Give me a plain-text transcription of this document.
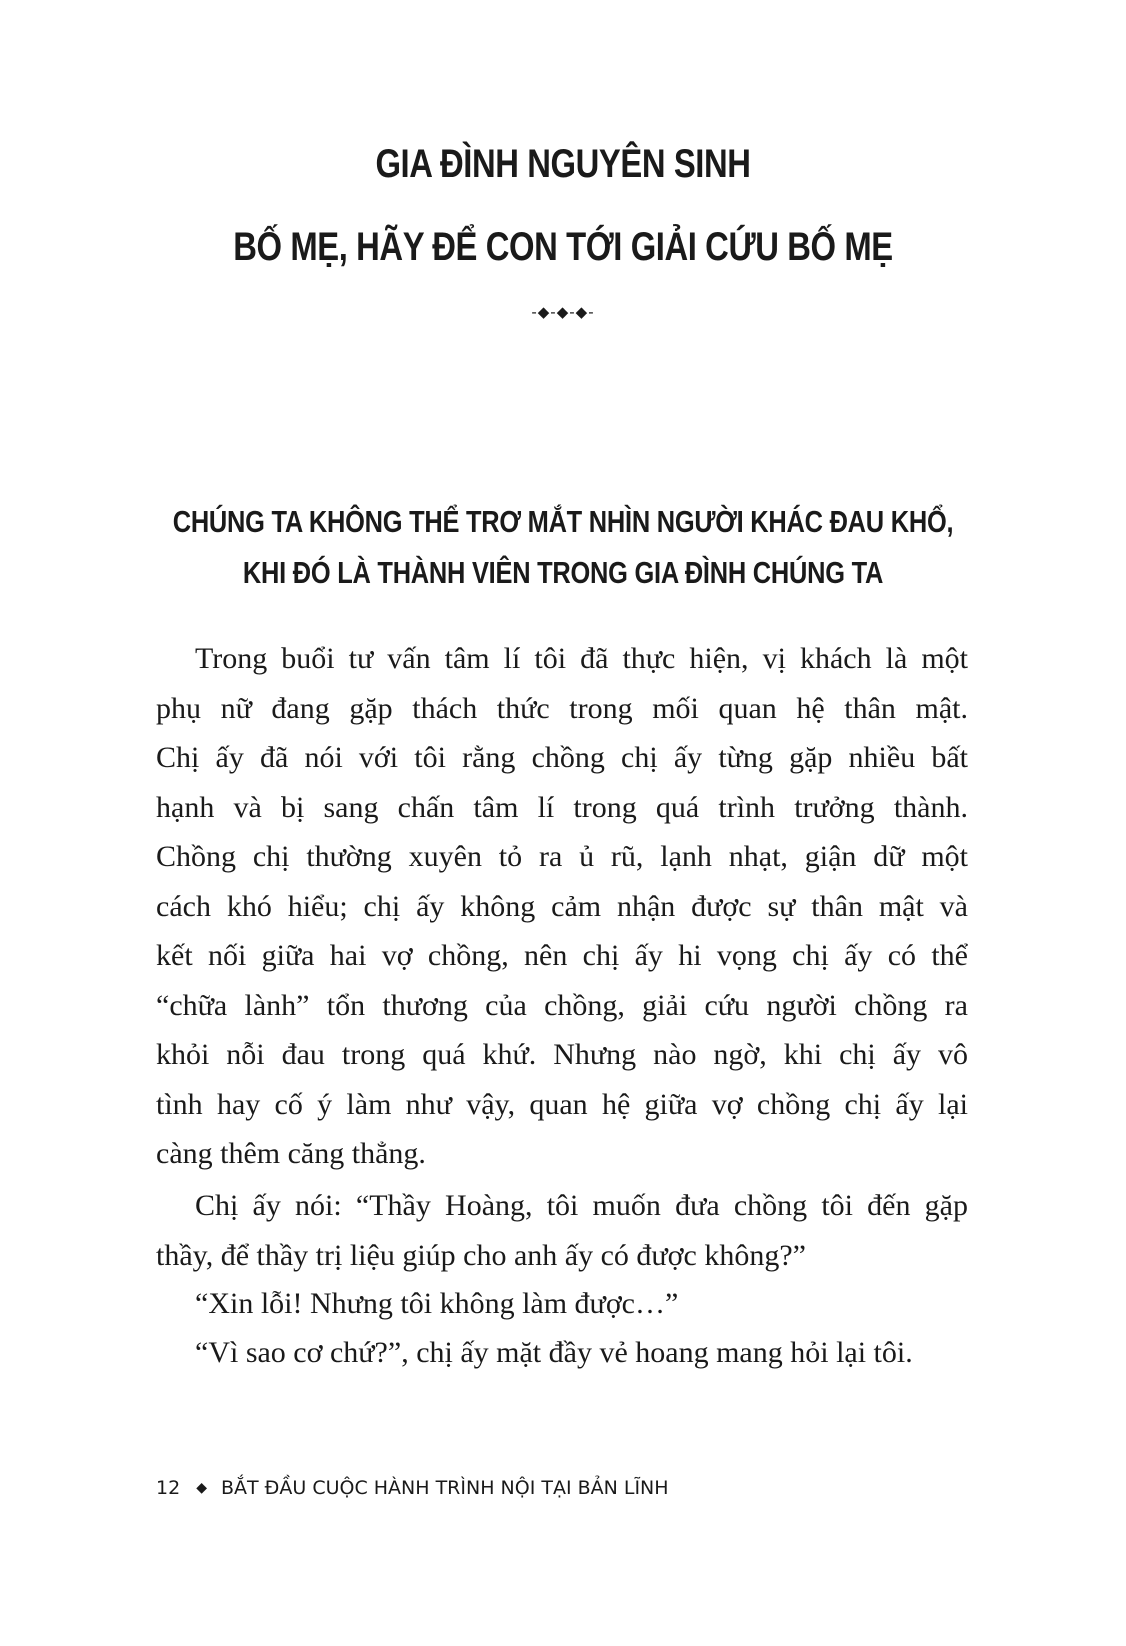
GIA ĐÌNH NGUYÊN SINH
BỐ MẸ, HÃY ĐỂ CON TỚI GIẢI CỨU BỐ MẸ

-◆-◆-◆-

CHÚNG TA KHÔNG THỂ TRƠ MẮT NHÌN NGƯỜI KHÁC ĐAU KHỔ,
KHI ĐÓ LÀ THÀNH VIÊN TRONG GIA ĐÌNH CHÚNG TA
Trong buổi tư vấn tâm lí tôi đã thực hiện, vị khách là một
phụ nữ đang gặp thách thức trong mối quan hệ thân mật.
Chị ấy đã nói với tôi rằng chồng chị ấy từng gặp nhiều bất
hạnh và bị sang chấn tâm lí trong quá trình trưởng thành.
Chồng chị thường xuyên tỏ ra ủ rũ, lạnh nhạt, giận dữ một
cách khó hiểu; chị ấy không cảm nhận được sự thân mật và
kết nối giữa hai vợ chồng, nên chị ấy hi vọng chị ấy có thể
“chữa lành” tổn thương của chồng, giải cứu người chồng ra
khỏi nỗi đau trong quá khứ. Nhưng nào ngờ, khi chị ấy vô
tình hay cố ý làm như vậy, quan hệ giữa vợ chồng chị ấy lại
càng thêm căng thẳng.
Chị ấy nói: “Thầy Hoàng, tôi muốn đưa chồng tôi đến gặp
thầy, để thầy trị liệu giúp cho anh ấy có được không?”
“Xin lỗi! Nhưng tôi không làm được…”
“Vì sao cơ chứ?”, chị ấy mặt đầy vẻ hoang mang hỏi lại tôi.
12 ◆ BẮT ĐẦU CUỘC HÀNH TRÌNH NỘI TẠI BẢN LĨNH
